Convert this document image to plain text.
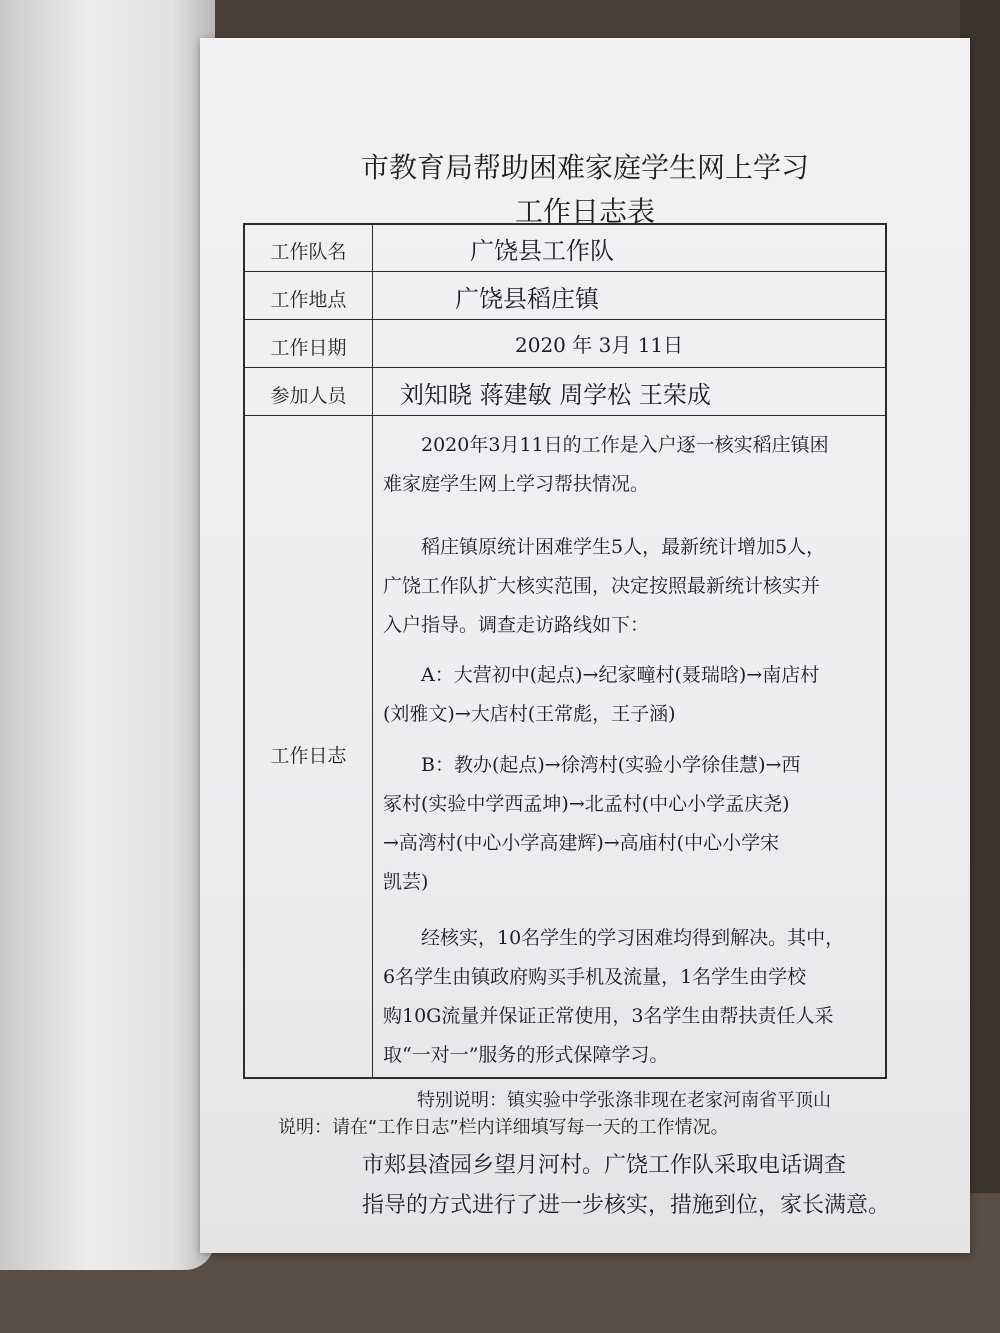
市教育局帮助困难家庭学生网上学习
工作日志表
工作队名	广饶县工作队
工作地点	广饶县稻庄镇
工作日期	2020 年 3月 11日
参加人员	刘知晓 蒋建敏 周学松 王荣成
工作日志
　　2020年3月11日的工作是入户逐一核实稻庄镇困
难家庭学生网上学习帮扶情况。
　　稻庄镇原统计困难学生5人，最新统计增加5人，
广饶工作队扩大核实范围，决定按照最新统计核实并
入户指导。调查走访路线如下：
　　A：大营初中(起点)→纪家疃村(聂瑞晗)→南店村
(刘雅文)→大店村(王常彪，王子涵)
　　B：教办(起点)→徐湾村(实验小学徐佳慧)→西
冢村(实验中学西孟坤)→北孟村(中心小学孟庆尧)
→高湾村(中心小学高建辉)→高庙村(中心小学宋
凯芸)
　　经核实，10名学生的学习困难均得到解决。其中，
6名学生由镇政府购买手机及流量，1名学生由学校
购10G流量并保证正常使用，3名学生由帮扶责任人采
取“一对一”服务的形式保障学习。
　　特别说明：镇实验中学张涤非现在老家河南省平顶山
说明：请在“工作日志”栏内详细填写每一天的工作情况。
市郏县渣园乡望月河村。广饶工作队采取电话调查
指导的方式进行了进一步核实，措施到位，家长满意。
